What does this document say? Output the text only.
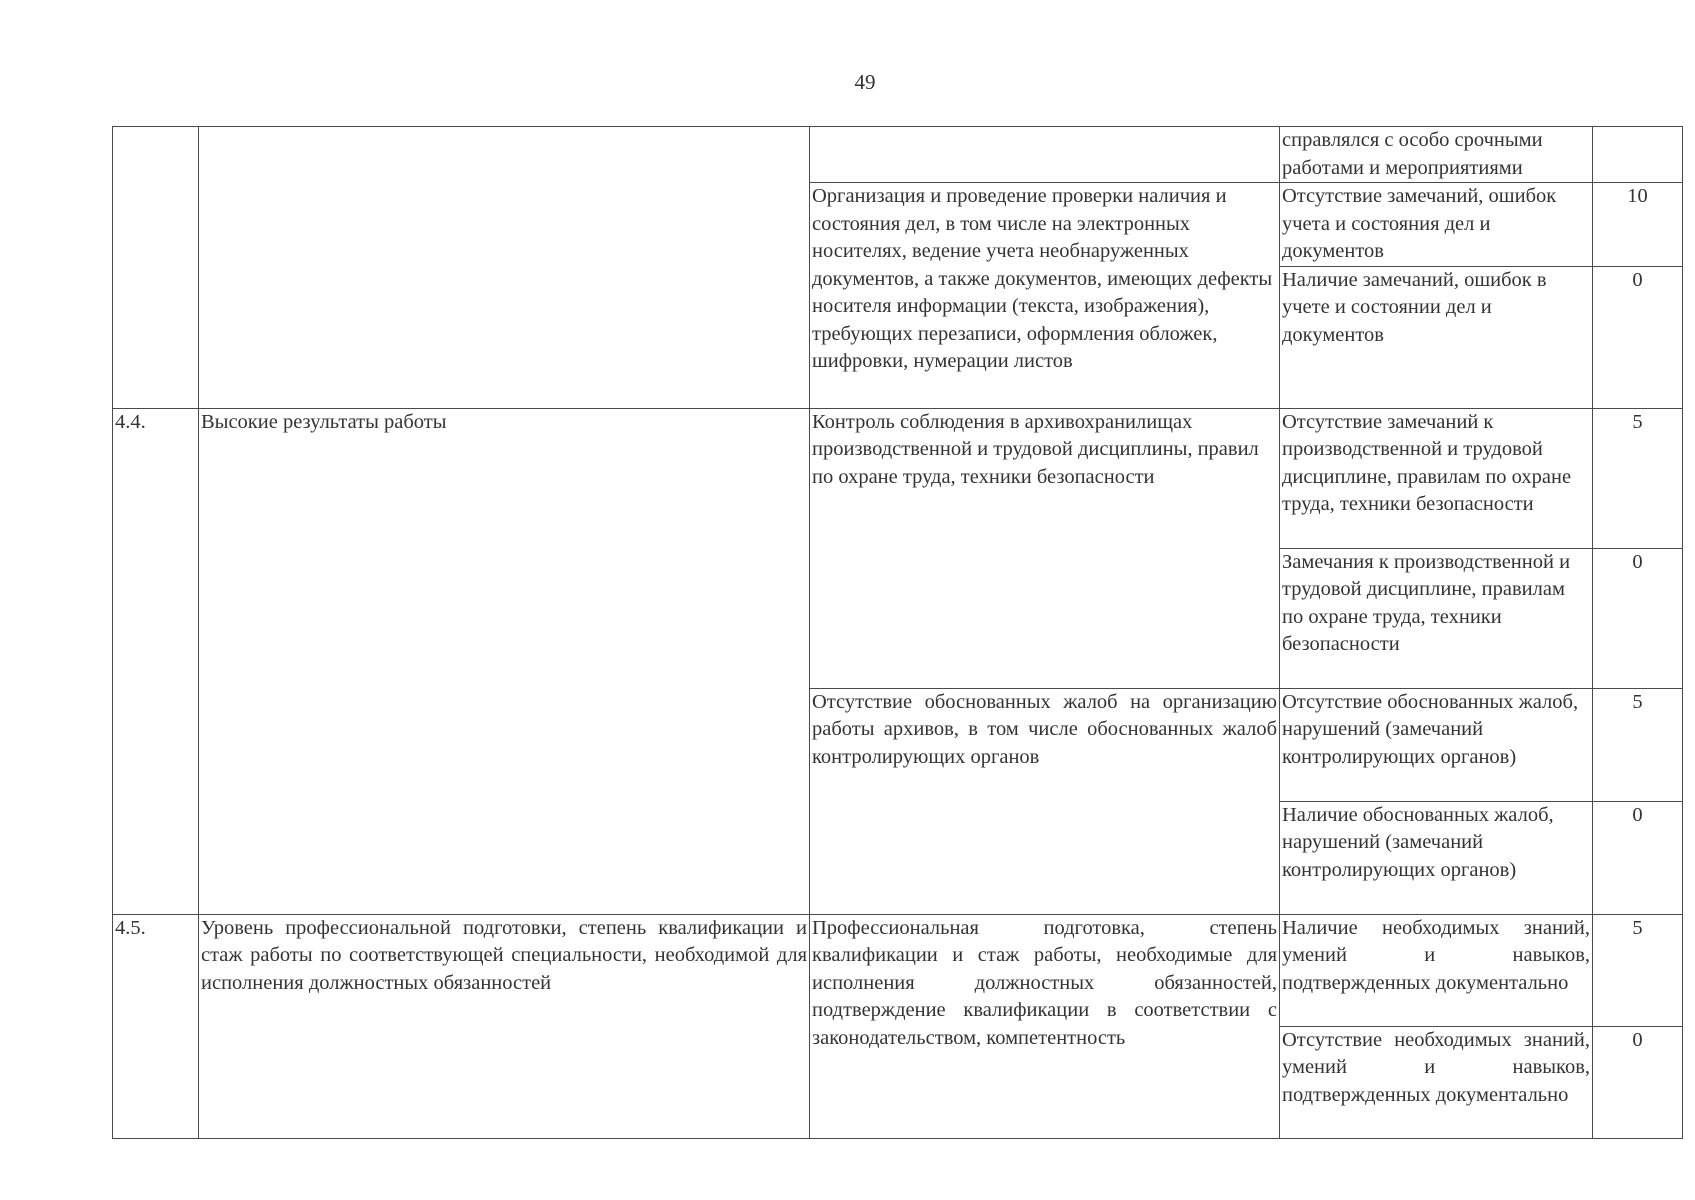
49
			справлялся с особо срочными работами и мероприятиями	
		Организация и проведение проверки наличия и состояния дел, в том числе на электронных носителях, ведение учета необнаруженных документов, а также документов, имеющих дефекты носителя информации (текста, изображения), требующих перезаписи, оформления обложек, шифровки, нумерации листов	Отсутствие замечаний, ошибок учета и состояния дел и документов	10
			Наличие замечаний, ошибок в учете и состоянии дел и документов	0
4.4.	Высокие результаты работы	Контроль соблюдения в архивохранилищах производственной и трудовой дисциплины, правил по охране труда, техники безопасности	Отсутствие замечаний к производственной и трудовой дисциплине, правилам по охране труда, техники безопасности	5
			Замечания к производственной и трудовой дисциплине, правилам по охране труда, техники безопасности	0
		Отсутствие обоснованных жалоб на организацию работы архивов, в том числе обоснованных жалоб контролирующих органов	Отсутствие обоснованных жалоб, нарушений (замечаний контролирующих органов)	5
			Наличие обоснованных жалоб, нарушений (замечаний контролирующих органов)	0
4.5.	Уровень профессиональной подготовки, степень квалификации и стаж работы по соответствующей специальности, необходимой для исполнения должностных обязанностей	Профессиональная подготовка, степень квалификации и стаж работы, необходимые для исполнения должностных обязанностей, подтверждение квалификации в соответствии с законодательством, компетентность	Наличие необходимых знаний, умений и навыков, подтвержденных документально	5
			Отсутствие необходимых знаний, умений и навыков, подтвержденных документально	0
